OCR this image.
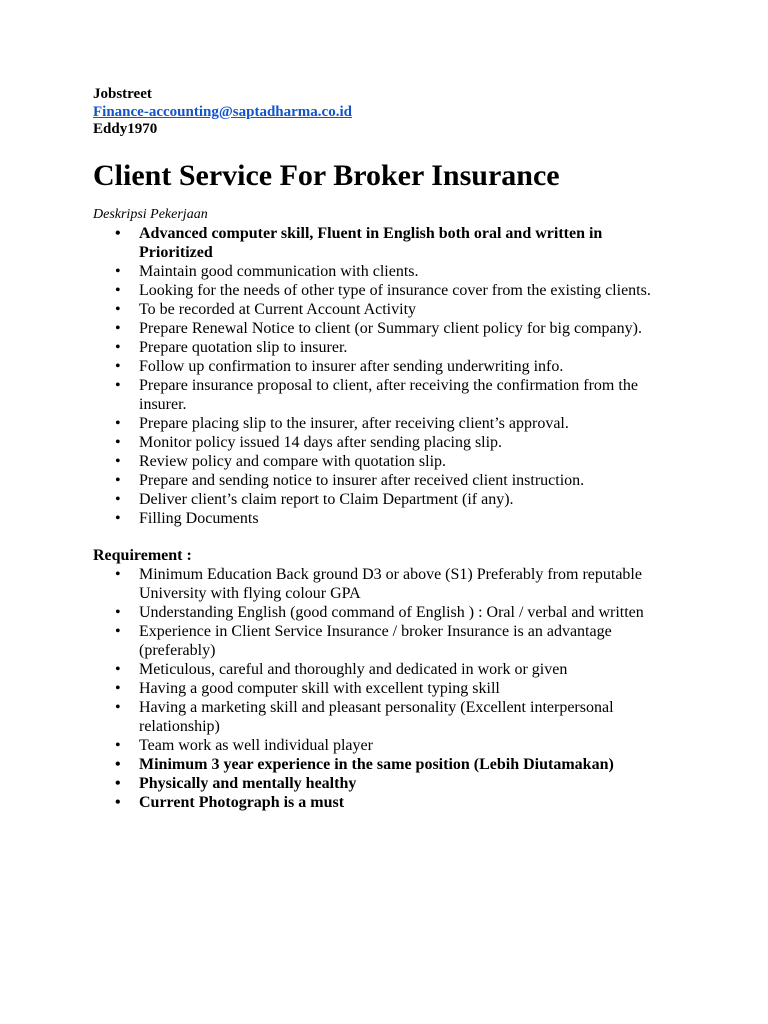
Jobstreet
Finance-accounting@saptadharma.co.id
Eddy1970
Client Service For Broker Insurance
Deskripsi Pekerjaan
• Advanced computer skill, Fluent in English both oral and written in Prioritized
• Maintain good communication with clients.
• Looking for the needs of other type of insurance cover from the existing clients.
• To be recorded at Current Account Activity
• Prepare Renewal Notice to client (or Summary client policy for big company).
• Prepare quotation slip to insurer.
• Follow up confirmation to insurer after sending underwriting info.
• Prepare insurance proposal to client, after receiving the confirmation from the insurer.
• Prepare placing slip to the insurer, after receiving client’s approval.
• Monitor policy issued 14 days after sending placing slip.
• Review policy and compare with quotation slip.
• Prepare and sending notice to insurer after received client instruction.
• Deliver client’s claim report to Claim Department (if any).
• Filling Documents
Requirement :
• Minimum Education Back ground D3 or above (S1) Preferably from reputable University with flying colour GPA
• Understanding English (good command of English ) : Oral / verbal and written
• Experience in Client Service Insurance / broker Insurance is an advantage (preferably)
• Meticulous, careful and thoroughly and dedicated in work or given
• Having a good computer skill with excellent typing skill
• Having a marketing skill and pleasant personality (Excellent interpersonal relationship)
• Team work as well individual player
• Minimum 3 year experience in the same position (Lebih Diutamakan)
• Physically and mentally healthy
• Current Photograph is a must
